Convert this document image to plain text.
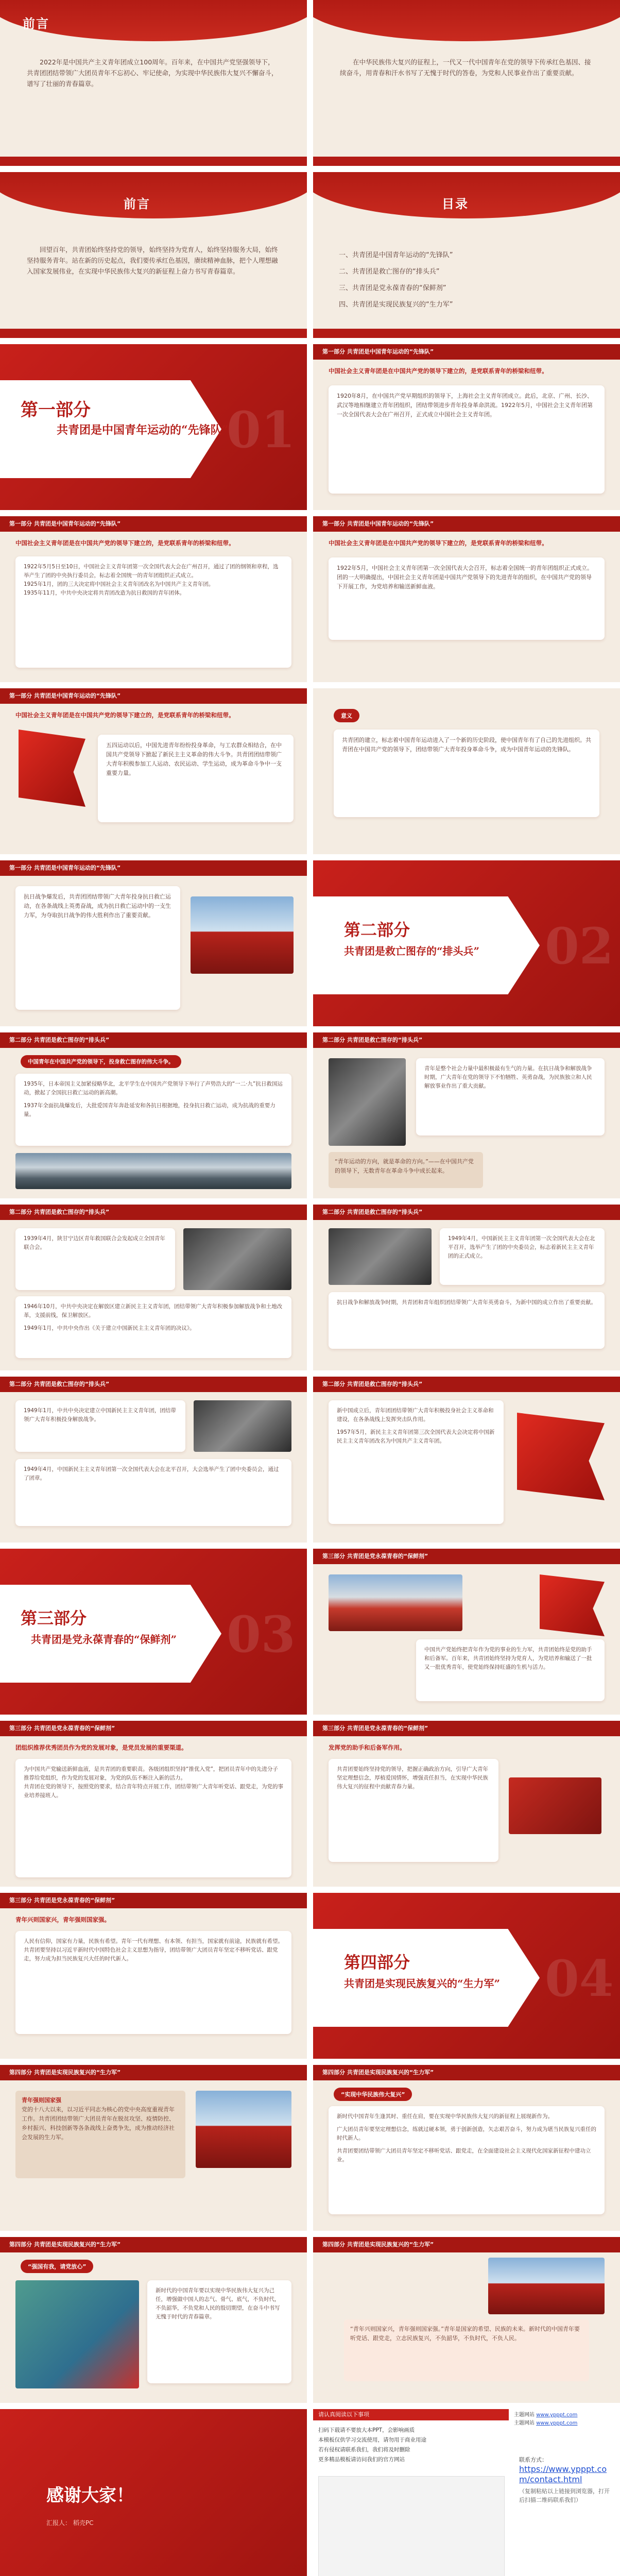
前言
2022年是中国共产主义青年团成立100周年。百年来，在中国共产党坚强领导下，共青团团结带领广大团员青年不忘初心、牢记使命，为实现中华民族伟大复兴不懈奋斗，谱写了壮丽的青春篇章。
在中华民族伟大复兴的征程上，一代又一代中国青年在党的领导下传承红色基因、接续奋斗，用青春和汗水书写了无愧于时代的答卷，为党和人民事业作出了重要贡献。
前言
回望百年，共青团始终坚持党的领导，始终坚持为党育人，始终坚持服务大局，始终坚持服务青年。站在新的历史起点，我们要传承红色基因，赓续精神血脉，把个人理想融入国家发展伟业，在实现中华民族伟大复兴的新征程上奋力书写青春篇章。
目录
一、共青团是中国青年运动的“先锋队”
二、共青团是救亡图存的“排头兵”
三、共青团是党永葆青春的“保鲜剂”
四、共青团是实现民族复兴的“生力军”
第一部分
共青团是中国青年运动的“先锋队”
01
第一部分 共青团是中国青年运动的“先锋队”
中国社会主义青年团是在中国共产党的领导下建立的，是党联系青年的桥梁和纽带。
1920年8月，在中国共产党早期组织的领导下，上海社会主义青年团成立。此后，北京、广州、长沙、武汉等地相继建立青年团组织，团结带领进步青年投身革命洪流。1922年5月，中国社会主义青年团第一次全国代表大会在广州召开，正式成立中国社会主义青年团。
第一部分 共青团是中国青年运动的“先锋队”
中国社会主义青年团是在中国共产党的领导下建立的，是党联系青年的桥梁和纽带。
1922年5月5日至10日，中国社会主义青年团第一次全国代表大会在广州召开，通过了团的纲领和章程，选举产生了团的中央执行委员会，标志着全国统一的青年团组织正式成立。
1925年1月，团的三大决定将中国社会主义青年团改名为中国共产主义青年团。
1935年11月，中共中央决定将共青团改造为抗日救国的青年团体。
第一部分 共青团是中国青年运动的“先锋队”
中国社会主义青年团是在中国共产党的领导下建立的，是党联系青年的桥梁和纽带。
1922年5月，中国社会主义青年团第一次全国代表大会召开，标志着全国统一的青年团组织正式成立。团的一大明确提出，中国社会主义青年团是中国共产党领导下的先进青年的组织，在中国共产党的领导下开展工作，为党培养和输送新鲜血液。
第一部分 共青团是中国青年运动的“先锋队”
中国社会主义青年团是在中国共产党的领导下建立的，是党联系青年的桥梁和纽带。
五四运动以后，中国先进青年纷纷投身革命，与工农群众相结合，在中国共产党领导下掀起了新民主主义革命的伟大斗争。共青团团结带领广大青年积极参加工人运动、农民运动、学生运动，成为革命斗争中一支重要力量。
意义
共青团的建立，标志着中国青年运动进入了一个新的历史阶段，使中国青年有了自己的先进组织。共青团在中国共产党的领导下，团结带领广大青年投身革命斗争，成为中国青年运动的先锋队。
第一部分 共青团是中国青年运动的“先锋队”
抗日战争爆发后，共青团团结带领广大青年投身抗日救亡运动，在各条战线上英勇奋战，成为抗日救亡运动中的一支生力军，为夺取抗日战争的伟大胜利作出了重要贡献。
第二部分
共青团是救亡图存的“排头兵” 02
第二部分 共青团是救亡图存的“排头兵”
中国青年在中国共产党的领导下，投身救亡图存的伟大斗争。

1935年，日本帝国主义加紧侵略华北，北平学生在中国共产党领导下举行了声势浩大的“一二·九”抗日救国运动，掀起了全国抗日救亡运动的新高潮。

1937年全面抗战爆发后，大批爱国青年奔赴延安和各抗日根据地，投身抗日救亡运动，成为抗战的重要力量。

第二部分 共青团是救亡图存的“排头兵”
青年是整个社会力量中最积极最有生气的力量。在抗日战争和解放战争时期，广大青年在党的领导下不怕牺牲、英勇奋战，为民族独立和人民解放事业作出了重大贡献。
“青年运动的方向，就是革命的方向。”——在中国共产党的领导下，无数青年在革命斗争中成长起来。
第二部分 共青团是救亡图存的“排头兵”
1939年4月，陕甘宁边区青年救国联合会发起成立全国青年联合会。

1946年10月，中共中央决定在解放区建立新民主主义青年团，团结带领广大青年积极参加解放战争和土地改革，支援前线，保卫解放区。

1949年1月，中共中央作出《关于建立中国新民主主义青年团的决议》。

第二部分 共青团是救亡图存的“排头兵”
1949年4月，中国新民主主义青年团第一次全国代表大会在北平召开，选举产生了团的中央委员会，标志着新民主主义青年团的正式成立。
抗日战争和解放战争时期，共青团和青年组织团结带领广大青年英勇奋斗，为新中国的成立作出了重要贡献。
第二部分 共青团是救亡图存的“排头兵”
1949年1月，中共中央决定建立中国新民主主义青年团，团结带领广大青年积极投身解放战争。
1949年4月，中国新民主主义青年团第一次全国代表大会在北平召开，大会选举产生了团中央委员会，通过了团章。
第二部分 共青团是救亡图存的“排头兵”

新中国成立后，青年团团结带领广大青年积极投身社会主义革命和建设，在各条战线上发挥突击队作用。

1957年5月，新民主主义青年团第三次全国代表大会决定将中国新民主主义青年团改名为中国共产主义青年团。

第三部分
共青团是党永葆青春的“保鲜剂” 03
第三部分 共青团是党永葆青春的“保鲜剂”
中国共产党始终把青年作为党的事业的生力军，共青团始终是党的助手和后备军。百年来，共青团始终坚持为党育人，为党培养和输送了一批又一批优秀青年，使党始终保持旺盛的生机与活力。
第三部分 共青团是党永葆青春的“保鲜剂”
团组织推荐优秀团员作为党的发展对象，是党员发展的重要渠道。
为中国共产党输送新鲜血液，是共青团的重要职责。各级团组织坚持“推优入党”，把团员青年中的先进分子推荐给党组织，作为党的发展对象，为党的队伍不断注入新的活力。
共青团在党的领导下，按照党的要求，结合青年特点开展工作，团结带领广大青年听党话、跟党走，为党的事业培养接班人。
第三部分 共青团是党永葆青春的“保鲜剂”
发挥党的助手和后备军作用。
共青团要始终坚持党的领导，把握正确政治方向，引导广大青年坚定理想信念，厚植爱国情怀，增强责任担当，在实现中华民族伟大复兴的征程中贡献青春力量。
第三部分 共青团是党永葆青春的“保鲜剂”
青年兴则国家兴，青年强则国家强。
人民有信仰，国家有力量，民族有希望。青年一代有理想、有本领、有担当，国家就有前途，民族就有希望。共青团要坚持以习近平新时代中国特色社会主义思想为指导，团结带领广大团员青年坚定不移听党话、跟党走，努力成为担当民族复兴大任的时代新人。	第四部分
共青团是实现民族复兴的“生力军” 04
第四部分 共青团是实现民族复兴的“生力军”
青年强则国家强
党的十八大以来，以习近平同志为核心的党中央高度重视青年工作。共青团团结带领广大团员青年在脱贫攻坚、疫情防控、乡村振兴、科技创新等各条战线上奋勇争先，成为推动经济社会发展的生力军。
第四部分 共青团是实现民族复兴的“生力军”
“实现中华民族伟大复兴”

新时代中国青年生逢其时、重任在肩，要在实现中华民族伟大复兴的新征程上展现新作为。

广大团员青年要坚定理想信念，练就过硬本领，勇于创新创造，矢志艰苦奋斗，努力成为堪当民族复兴重任的时代新人。

共青团要团结带领广大团员青年坚定不移听党话、跟党走，在全面建设社会主义现代化国家新征程中建功立业。

第四部分 共青团是实现民族复兴的“生力军”
“强国有我，请党放心”
新时代的中国青年要以实现中华民族伟大复兴为己任，增强做中国人的志气、骨气、底气，不负时代，不负韶华，不负党和人民的殷切期望，在奋斗中书写无愧于时代的青春篇章。
第四部分 共青团是实现民族复兴的“生力军”
“青年兴则国家兴，青年强则国家强。”青年是国家的希望、民族的未来。新时代的中国青年要听党话、跟党走，立志民族复兴，不负韶华，不负时代，不负人民。
感谢大家！
汇报人： 稻壳PC
请认真阅读以下事项
扫码下载请不要放大本PPT，会影响画质
本模板仅供学习交流使用，请勿用于商业用途
若有侵权请联系我们，我们将及时删除
更多精品模板请访问我们的官方网站
主题网站 www.ypppt.com
主题网站 www.ypppt.com
联系方式：
https://www.ypppt.com/contact.html
（复制粘贴以上链接到浏览器，打开后扫描二维码联系我们）
